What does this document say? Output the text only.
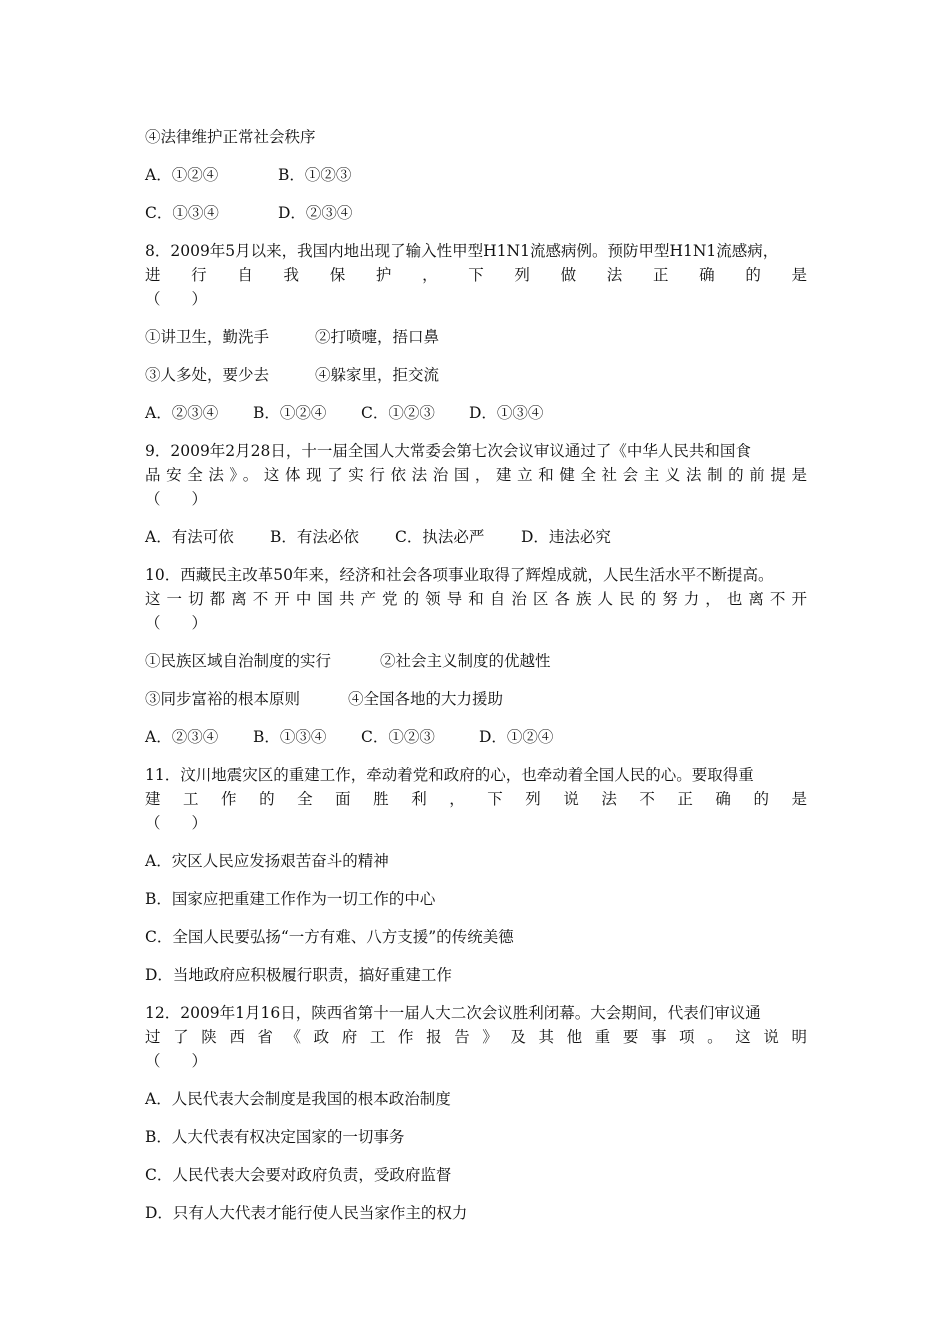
④法律维护正常社会秩序
A．①②④	B．①②③
C．①③④	D．②③④
8．2009年5月以来，我国内地出现了输入性甲型H1N1流感病例。预防甲型H1N1流感病，
进 行 自 我 保 护 ， 下 列 做 法 正 确 的 是
（　　）
①讲卫生，勤洗手	②打喷嚏，捂口鼻
③人多处，要少去	④躲家里，拒交流
A．②③④ B．①②④ C．①②③ D．①③④
9．2009年2月28日，十一届全国人大常委会第七次会议审议通过了《中华人民共和国食
品安全法》。这体现了实行依法治国，建立和健全社会主义法制的前提是
（　　）
A．有法可依 B．有法必依 C．执法必严 D．违法必究
10．西藏民主改革50年来，经济和社会各项事业取得了辉煌成就，人民生活水平不断提高。
这一切都离不开中国共产党的领导和自治区各族人民的努力，也离不开
（　　）
①民族区域自治制度的实行	②社会主义制度的优越性
③同步富裕的根本原则	④全国各地的大力援助
A．②③④ B．①③④ C．①②③	D．①②④
11．汶川地震灾区的重建工作，牵动着党和政府的心，也牵动着全国人民的心。要取得重
建 工 作 的 全 面 胜 利 ， 下 列 说 法 不 正 确 的 是
（　　）
A．灾区人民应发扬艰苦奋斗的精神
B．国家应把重建工作作为一切工作的中心
C．全国人民要弘扬“一方有难、八方支援”的传统美德
D．当地政府应积极履行职责，搞好重建工作
12．2009年1月16日，陕西省第十一届人大二次会议胜利闭幕。大会期间，代表们审议通
过 了 陕 西 省 《 政 府 工 作 报 告 》 及 其 他 重 要 事 项 。 这 说 明
（　　）
A．人民代表大会制度是我国的根本政治制度
B．人大代表有权决定国家的一切事务
C．人民代表大会要对政府负责，受政府监督
D．只有人大代表才能行使人民当家作主的权力
